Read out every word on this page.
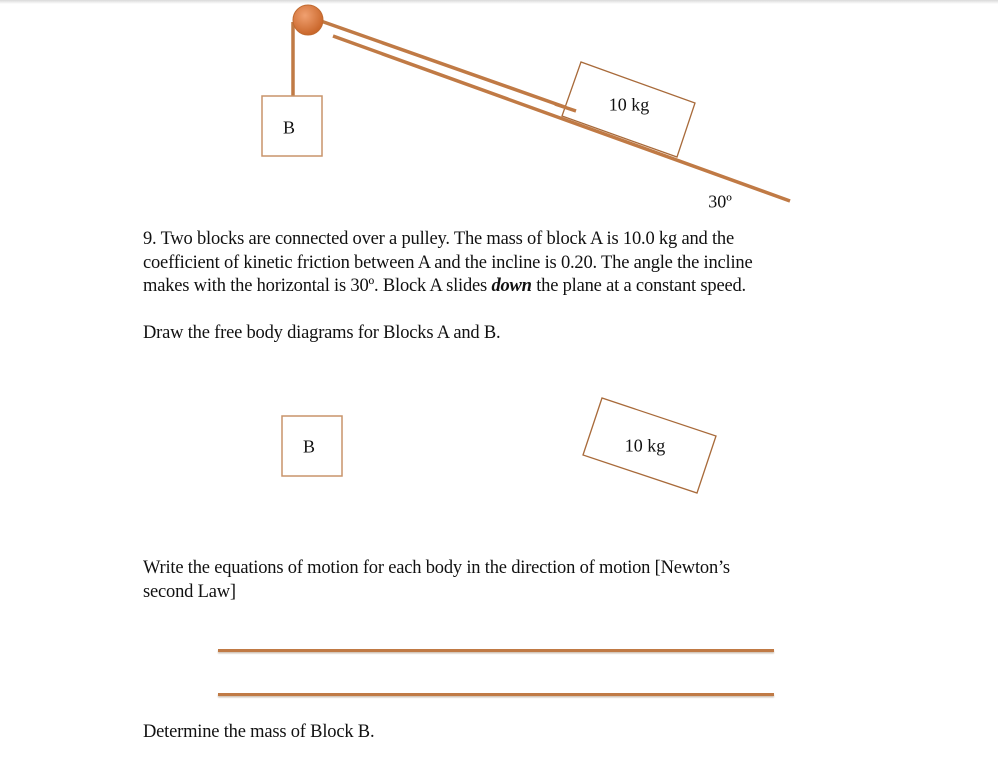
B
10 kg
30º
9. Two blocks are connected over a pulley. The mass of block A is 10.0 kg and the
coefficient of kinetic friction between A and the incline is 0.20. The angle the incline
makes with the horizontal is 30º. Block A slides down the plane at a constant speed.
Draw the free body diagrams for Blocks A and B.
B	10 kg
Write the equations of motion for each body in the direction of motion [Newton’s
second Law]
Determine the mass of Block B.
